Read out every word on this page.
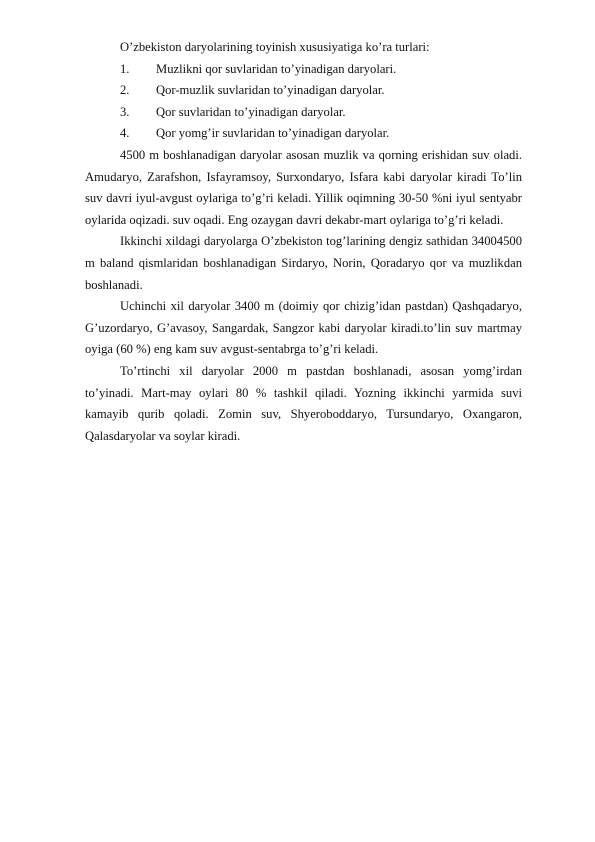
O’zbekiston daryolarining toyinish xususiyatiga ko’ra turlari:

1.	Muzlikni qor suvlaridan to’yinadigan daryolari.
2.	Qor-muzlik suvlaridan to’yinadigan daryolar.
3.	Qor suvlaridan to’yinadigan daryolar.
4.	Qor yomg’ir suvlaridan to’yinadigan daryolar.

4500 m boshlanadigan daryolar asosan muzlik va qorning erishidan suv oladi. Amudaryo, Zarafshon, Isfayramsoy, Surxondaryo, Isfara kabi daryolar kiradi To’lin suv davri iyul-avgust oylariga to’g’ri keladi. Yillik oqimning 30-50 %ni iyul sentyabr oylarida oqizadi. suv oqadi. Eng ozaygan davri dekabr-mart oylariga to’g’ri keladi.

Ikkinchi xildagi daryolarga O’zbekiston tog’larining dengiz sathidan 34004500 m baland qismlaridan boshlanadigan Sirdaryo, Norin, Qoradaryo qor va muzlikdan boshlanadi.

Uchinchi xil daryolar 3400 m (doimiy qor chizig’idan pastdan) Qashqadaryo, G’uzordaryo, G’avasoy, Sangardak, Sangzor kabi daryolar kiradi.to’lin suv martmay oyiga (60 %) eng kam suv avgust-sentabrga to’g’ri keladi.

To’rtinchi xil daryolar 2000 m pastdan boshlanadi, asosan yomg’irdan to’yinadi. Mart-may oylari 80 % tashkil qiladi. Yozning ikkinchi yarmida suvi kamayib qurib qoladi. Zomin suv, Shyeroboddaryo, Tursundaryo, Oxangaron, Qalasdaryolar va soylar kiradi.
